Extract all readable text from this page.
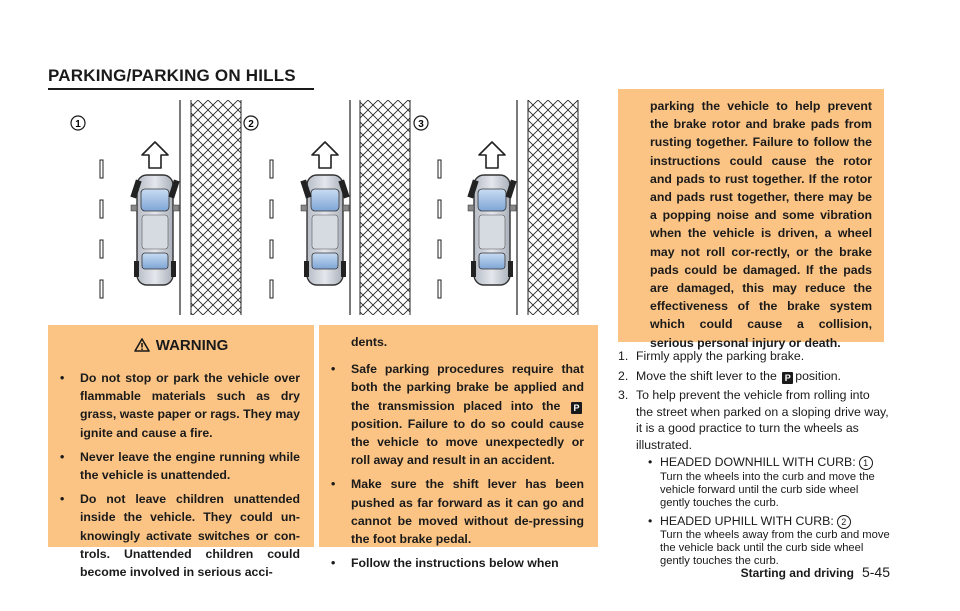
PARKING/PARKING ON HILLS
1	2	3
WARNING
• Do not stop or park the vehicle over flammable materials such as dry grass, waste paper or rags. They may ignite and cause a fire.
• Never leave the engine running while the vehicle is unattended.
• Do not leave children unattended inside the vehicle. They could un-knowingly activate switches or con-trols. Unattended children could become involved in serious acci-
dents.
• Safe parking procedures require that both the parking brake be applied and the transmission placed into the P position. Failure to do so could cause the vehicle to move unexpectedly or roll away and result in an accident.
• Make sure the shift lever has been pushed as far forward as it can go and cannot be moved without de-pressing the foot brake pedal.
• Follow the instructions below when
parking the vehicle to help prevent the brake rotor and brake pads from rusting together. Failure to follow the instructions could cause the rotor and pads to rust together. If the rotor and pads rust together, there may be a popping noise and some vibration when the vehicle is driven, a wheel may not roll cor-rectly, or the brake pads could be damaged. If the pads are damaged, this may reduce the effectiveness of the brake system which could cause a collision, serious personal injury or death.
1. Firmly apply the parking brake.
2. Move the shift lever to the P position.
3. To help prevent the vehicle from rolling into the street when parked on a sloping drive way, it is a good practice to turn the wheels as illustrated.
• HEADED DOWNHILL WITH CURB: 1
Turn the wheels into the curb and move the vehicle forward until the curb side wheel gently touches the curb.
• HEADED UPHILL WITH CURB: 2
Turn the wheels away from the curb and move the vehicle back until the curb side wheel gently touches the curb.
Starting and driving 5-45
